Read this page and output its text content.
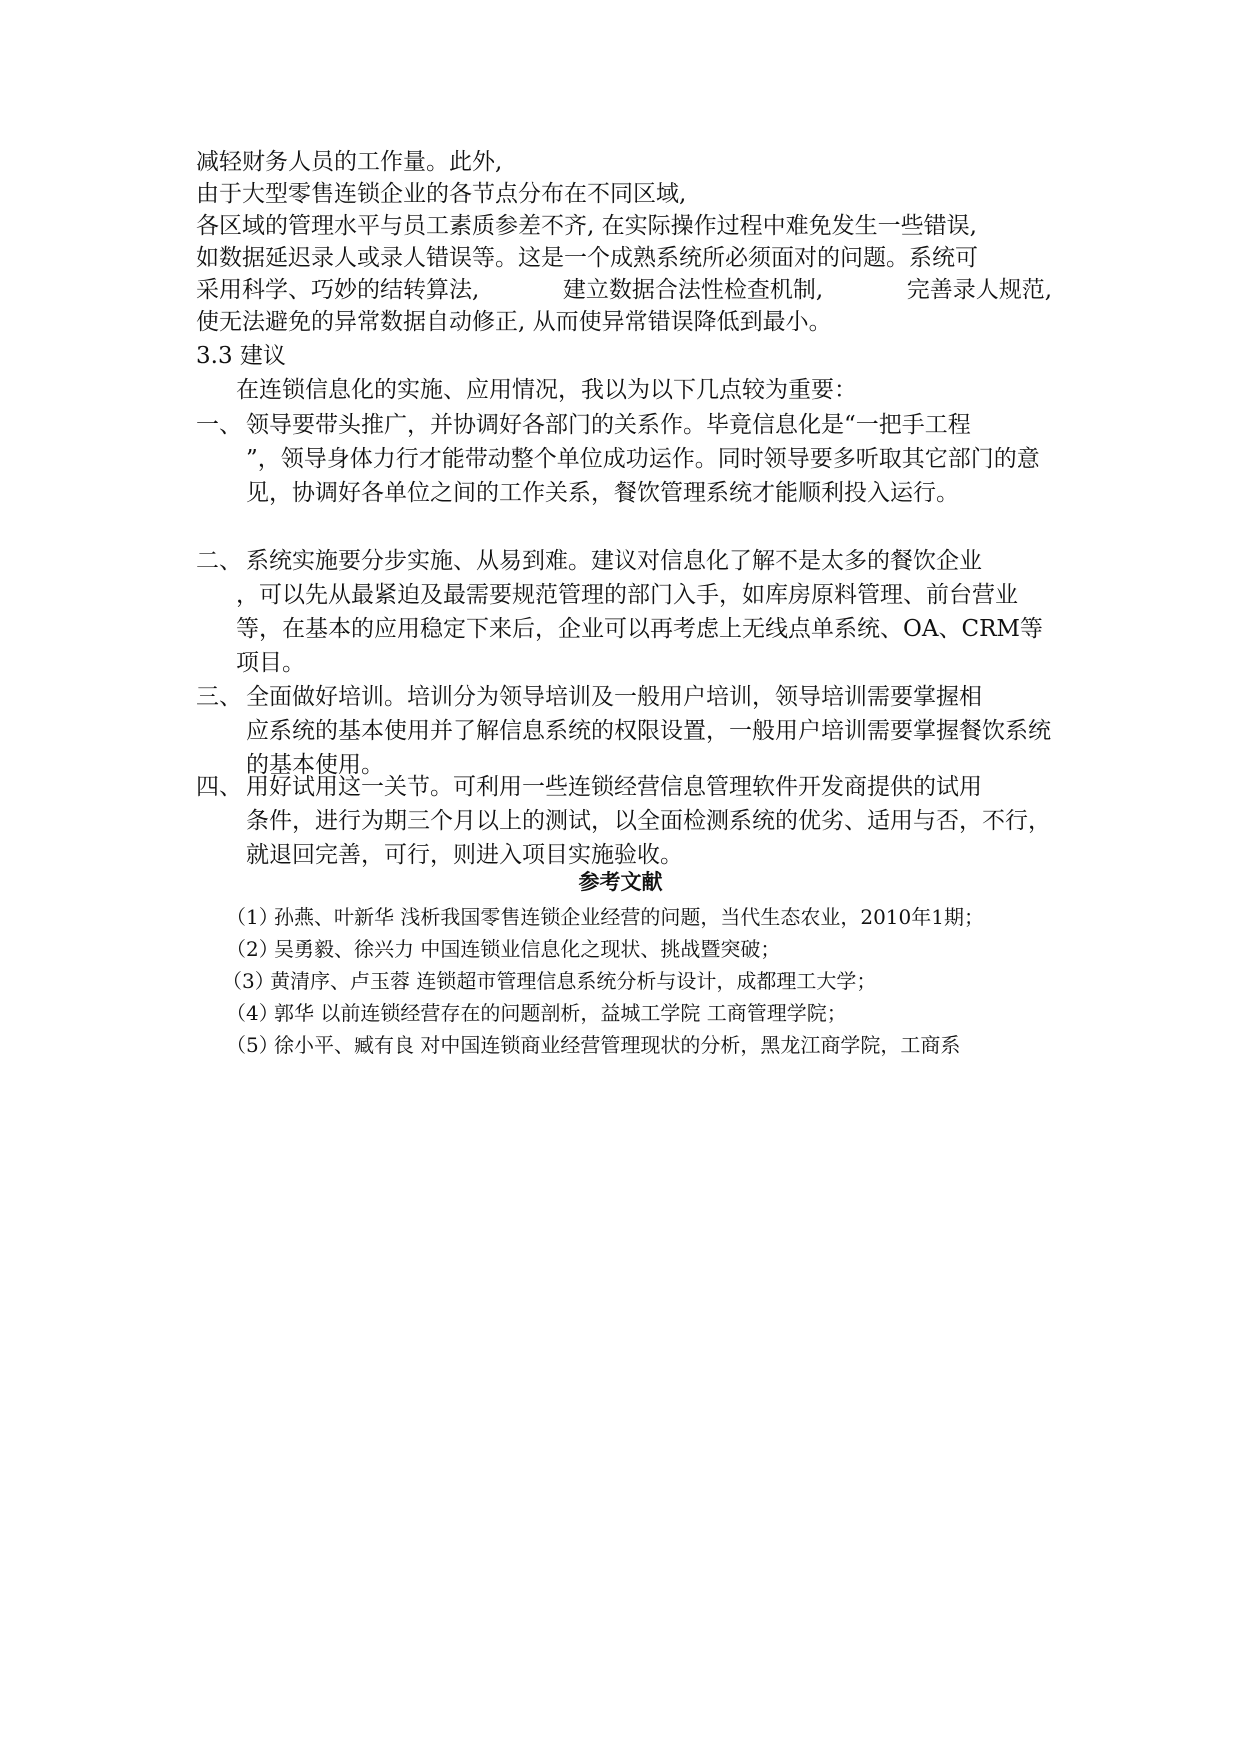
减轻财务人员的工作量。此外,
由于大型零售连锁企业的各节点分布在不同区域,
各区域的管理水平与员工素质参差不齐, 在实际操作过程中难免发生一些错误,
如数据延迟录人或录人错误等。这是一个成熟系统所必须面对的问题。系统可
采用科学、巧妙的结转算法,	建立数据合法性检查机制,	完善录人规范,
使无法避免的异常数据自动修正, 从而使异常错误降低到最小。
3.3 建议
在连锁信息化的实施、应用情况，我以为以下几点较为重要：
一、 领导要带头推广，并协调好各部门的关系作。毕竟信息化是“一把手工程
”，领导身体力行才能带动整个单位成功运作。同时领导要多听取其它部门的意见，协调好各单位之间的工作关系，餐饮管理系统才能顺利投入运行。
二、 系统实施要分步实施、从易到难。建议对信息化了解不是太多的餐饮企业
，可以先从最紧迫及最需要规范管理的部门入手，如库房原料管理、前台营业等，在基本的应用稳定下来后，企业可以再考虑上无线点单系统、OA、CRM等项目。
三、 全面做好培训。培训分为领导培训及一般用户培训，领导培训需要掌握相
应系统的基本使用并了解信息系统的权限设置，一般用户培训需要掌握餐饮系统的基本使用。
四、 用好试用这一关节。可利用一些连锁经营信息管理软件开发商提供的试用
条件，进行为期三个月以上的测试，以全面检测系统的优劣、适用与否，不行，就退回完善，可行，则进入项目实施验收。
参考文献
（1）孙燕、叶新华 浅析我国零售连锁企业经营的问题，当代生态农业，2010年1期；
（2）吴勇毅、徐兴力 中国连锁业信息化之现状、挑战暨突破；
（3）黄清序、卢玉蓉 连锁超市管理信息系统分析与设计，成都理工大学；
（4）郭华 以前连锁经营存在的问题剖析，益城工学院 工商管理学院；
（5）徐小平、臧有良 对中国连锁商业经营管理现状的分析，黑龙江商学院，工商系
